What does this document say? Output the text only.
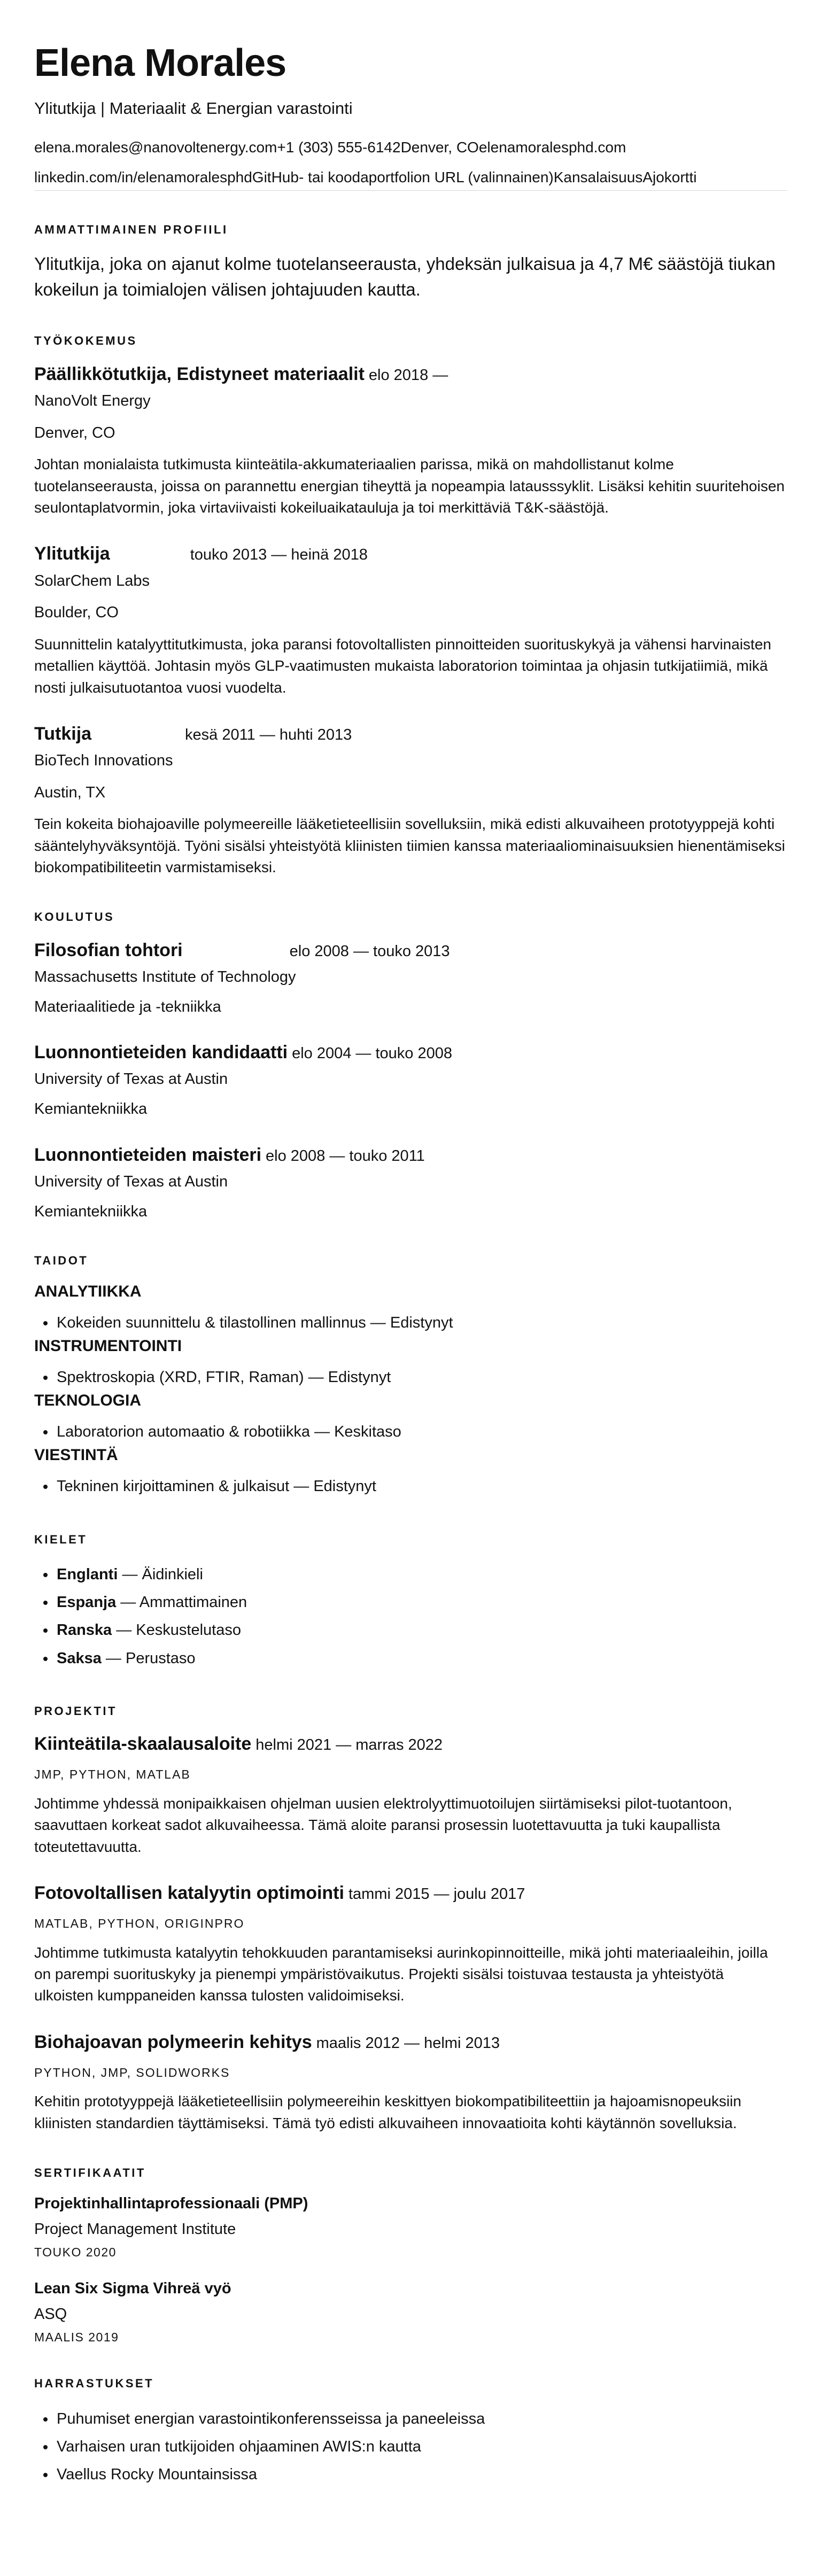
Elena Morales
Ylitutkija | Materiaalit & Energian varastointi
elena.morales@nanovoltenergy.com+1 (303) 555-6142Denver, COelenamoralesphd.com
linkedin.com/in/elenamoralesphdGitHub- tai koodaportfolion URL (valinnainen)KansalaisuusAjokortti
AMMATTIMAINEN PROFIILI
Ylitutkija, joka on ajanut kolme tuotelanseerausta, yhdeksän julkaisua ja 4,7 M€ säästöjä tiukan kokeilun ja toimialojen välisen johtajuuden kautta.
TYÖKOKEMUS
Päällikkötutkija, Edistyneet materiaalit elo 2018 —
NanoVolt Energy
Denver, CO
Johtan monialaista tutkimusta kiinteätila-akkumateriaalien parissa, mikä on mahdollistanut kolme tuotelanseerausta, joissa on parannettu energian tiheyttä ja nopeampia latausssyklit. Lisäksi kehitin suuritehoisen seulontaplatvormin, joka virtaviivaisti kokeiluaikatauluja ja toi merkittäviä T&K-säästöjä.
Ylitutkija	touko 2013 — heinä 2018
SolarChem Labs
Boulder, CO
Suunnittelin katalyyttitutkimusta, joka paransi fotovoltallisten pinnoitteiden suorituskykyä ja vähensi harvinaisten metallien käyttöä. Johtasin myös GLP-vaatimusten mukaista laboratorion toimintaa ja ohjasin tutkijatiimiä, mikä nosti julkaisutuotantoa vuosi vuodelta.
Tutkija	kesä 2011 — huhti 2013
BioTech Innovations
Austin, TX
Tein kokeita biohajoaville polymeereille lääketieteellisiin sovelluksiin, mikä edisti alkuvaiheen prototyyppejä kohti sääntelyhyväksyntöjä. Työni sisälsi yhteistyötä kliinisten tiimien kanssa materiaaliominaisuuksien hienentämiseksi biokompatibiliteetin varmistamiseksi.
KOULUTUS
Filosofian tohtori	elo 2008 — touko 2013
Massachusetts Institute of Technology
Materiaalitiede ja -tekniikka
Luonnontieteiden kandidaatti elo 2004 — touko 2008
University of Texas at Austin
Kemiantekniikka
Luonnontieteiden maisteri elo 2008 — touko 2011
University of Texas at Austin
Kemiantekniikka
TAIDOT
ANALYTIIKKA
• Kokeiden suunnittelu & tilastollinen mallinnus — Edistynyt
INSTRUMENTOINTI
• Spektroskopia (XRD, FTIR, Raman) — Edistynyt
TEKNOLOGIA
• Laboratorion automaatio & robotiikka — Keskitaso
VIESTINTÄ
• Tekninen kirjoittaminen & julkaisut — Edistynyt
KIELET
• Englanti — Äidinkieli
• Espanja — Ammattimainen
• Ranska — Keskustelutaso
• Saksa — Perustaso
PROJEKTIT
Kiinteätila-skaalausaloite helmi 2021 — marras 2022
JMP, PYTHON, MATLAB
Johtimme yhdessä monipaikkaisen ohjelman uusien elektrolyyttimuotoilujen siirtämiseksi pilot-tuotantoon, saavuttaen korkeat sadot alkuvaiheessa. Tämä aloite paransi prosessin luotettavuutta ja tuki kaupallista toteutettavuutta.
Fotovoltallisen katalyytin optimointi tammi 2015 — joulu 2017
MATLAB, PYTHON, ORIGINPRO
Johtimme tutkimusta katalyytin tehokkuuden parantamiseksi aurinkopinnoitteille, mikä johti materiaaleihin, joilla on parempi suorituskyky ja pienempi ympäristövaikutus. Projekti sisälsi toistuvaa testausta ja yhteistyötä ulkoisten kumppaneiden kanssa tulosten validoimiseksi.
Biohajoavan polymeerin kehitys maalis 2012 — helmi 2013
PYTHON, JMP, SOLIDWORKS
Kehitin prototyyppejä lääketieteellisiin polymeereihin keskittyen biokompatibiliteettiin ja hajoamisnopeuksiin kliinisten standardien täyttämiseksi. Tämä työ edisti alkuvaiheen innovaatioita kohti käytännön sovelluksia.
SERTIFIKAATIT
Projektinhallintaprofessionaali (PMP)
Project Management Institute
TOUKO 2020
Lean Six Sigma Vihreä vyö
ASQ
MAALIS 2019
HARRASTUKSET
• Puhumiset energian varastointikonferensseissa ja paneeleissa
• Varhaisen uran tutkijoiden ohjaaminen AWIS:n kautta
• Vaellus Rocky Mountainsissa
